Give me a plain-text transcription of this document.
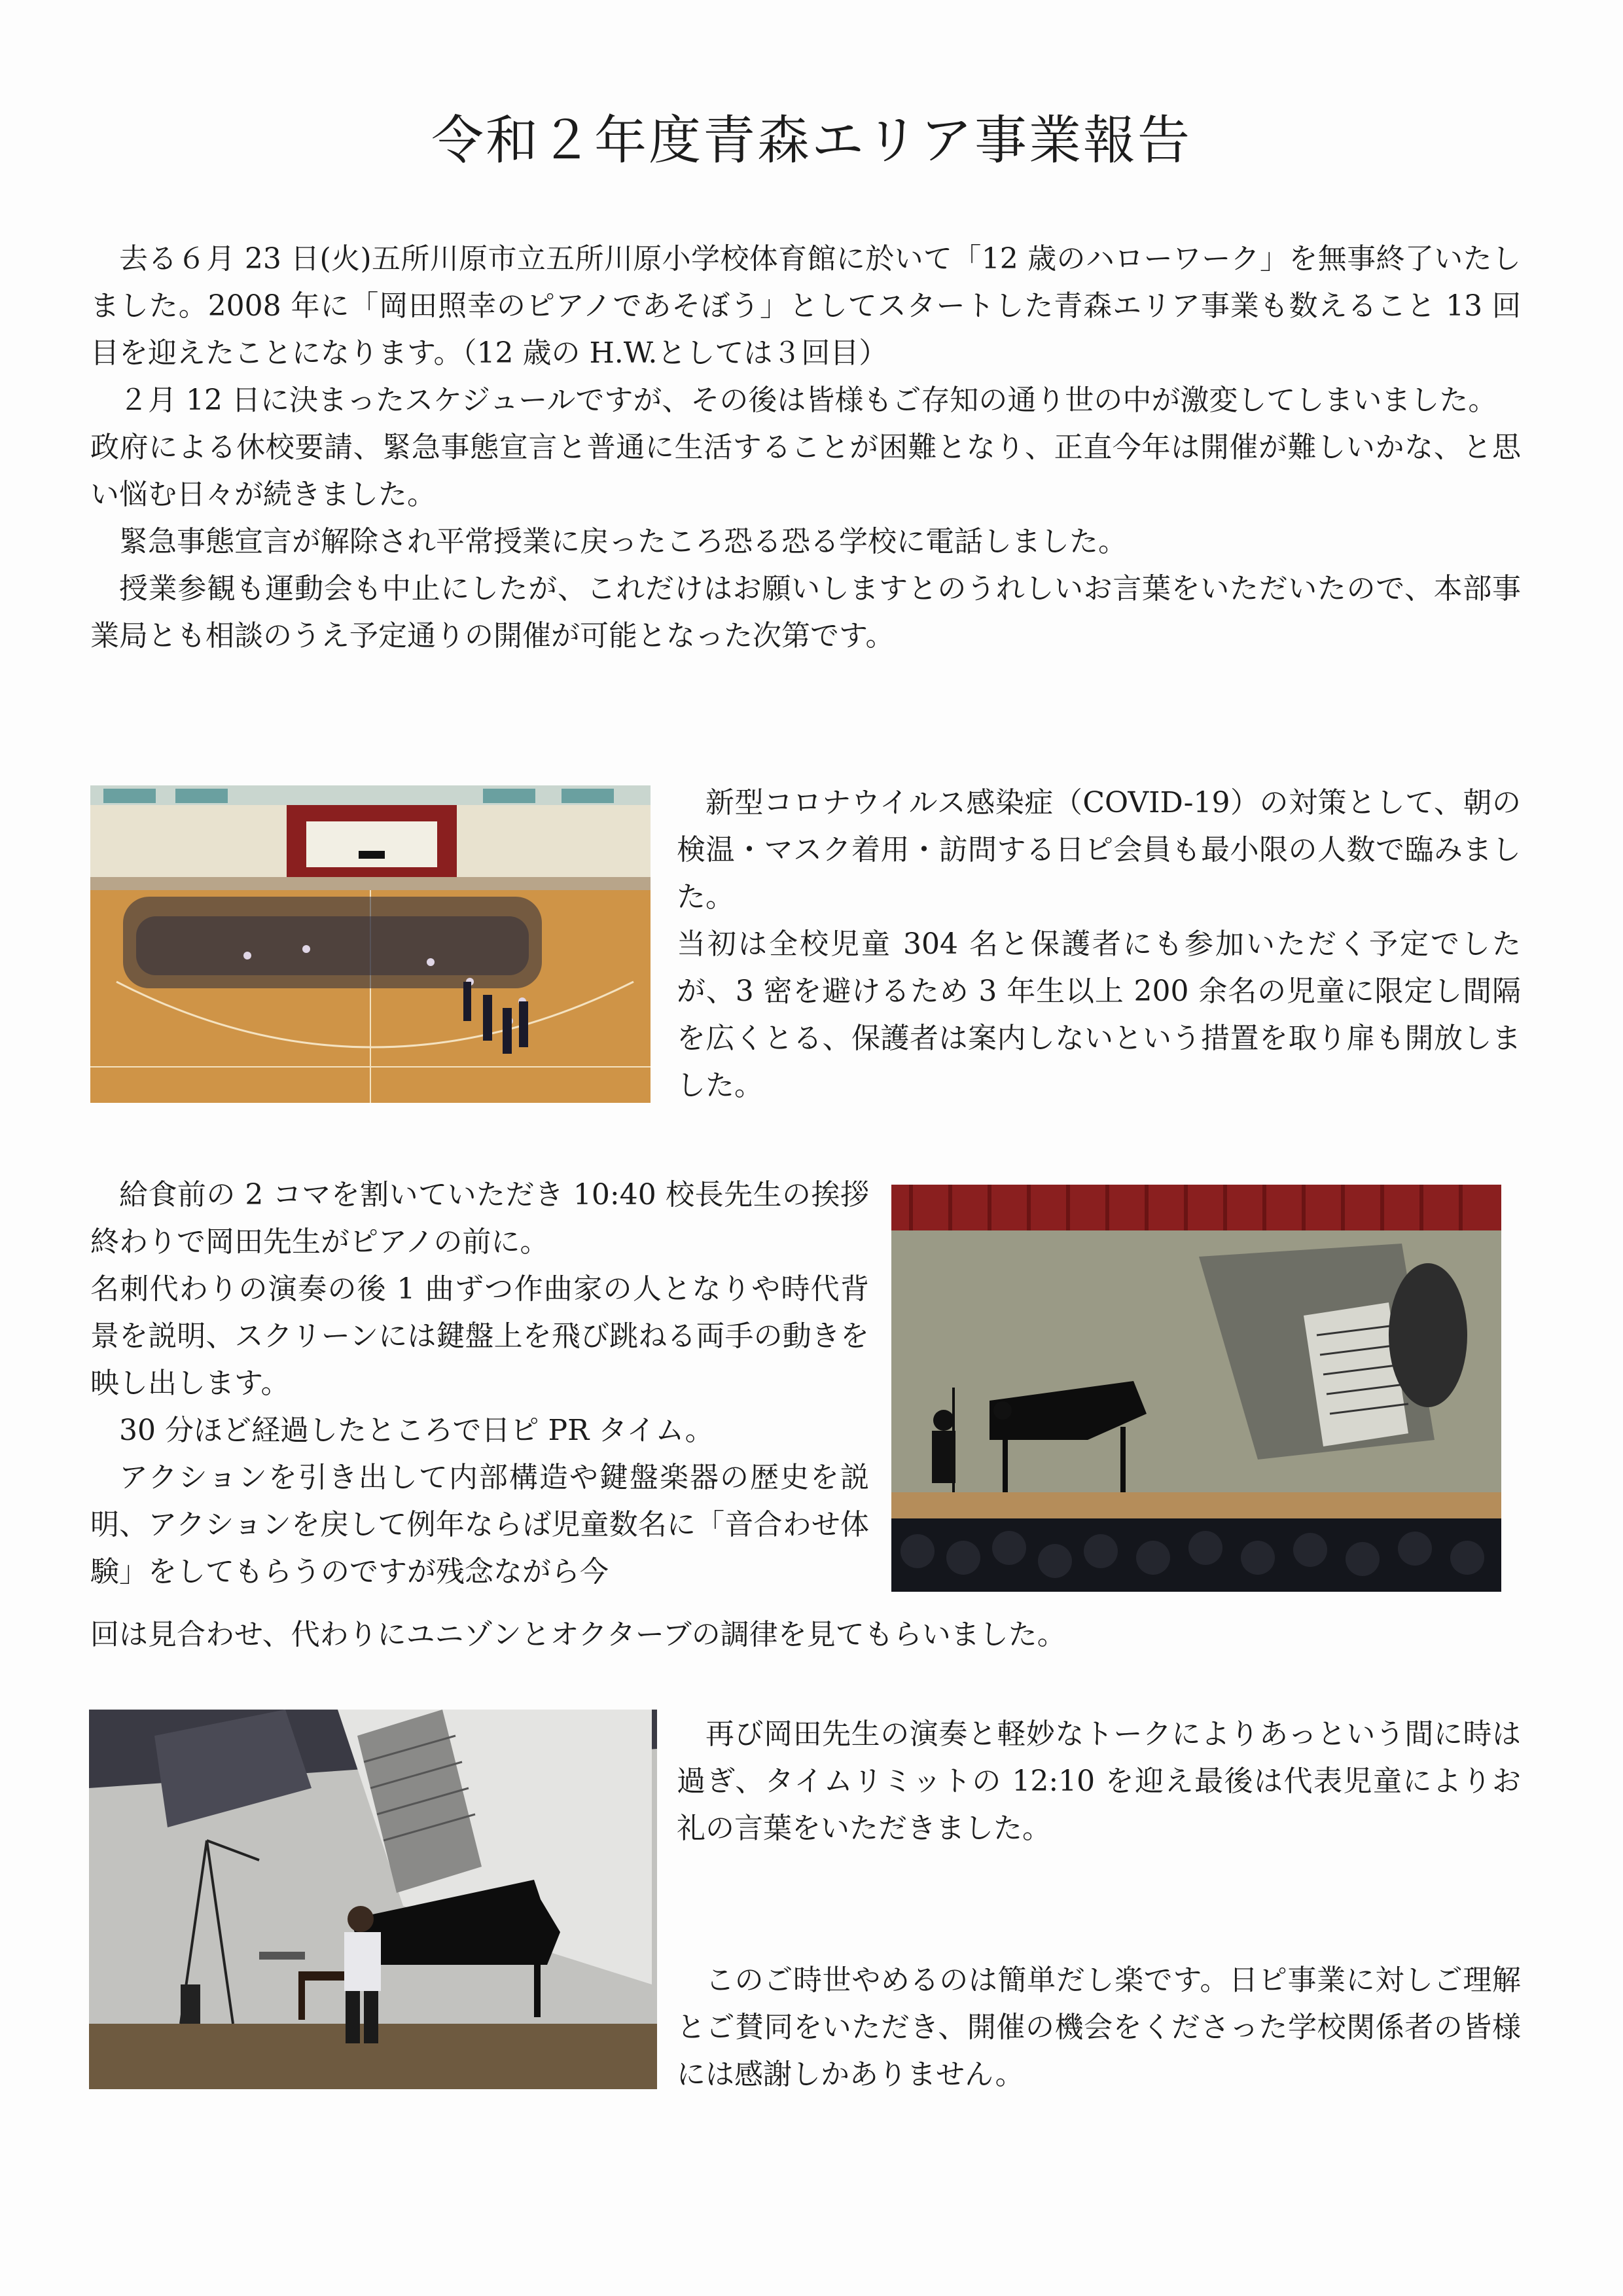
令和２年度青森エリア事業報告

去る６月 23 日(火)五所川原市立五所川原小学校体育館に於いて「12 歳のハローワーク」を無事終了いたしました。2008 年に「岡田照幸のピアノであそぼう」としてスタートした青森エリア事業も数えること 13 回目を迎えたことになります。（12 歳の H.W.としては３回目）

２月 12 日に決まったスケジュールですが、その後は皆様もご存知の通り世の中が激変してしまいました。

政府による休校要請、緊急事態宣言と普通に生活することが困難となり、正直今年は開催が難しいかな、と思い悩む日々が続きました。

緊急事態宣言が解除され平常授業に戻ったころ恐る恐る学校に電話しました。

授業参観も運動会も中止にしたが、これだけはお願いしますとのうれしいお言葉をいただいたので、本部事業局とも相談のうえ予定通りの開催が可能となった次第です。

新型コロナウイルス感染症（COVID-19）の対策として、朝の検温・マスク着用・訪問する日ピ会員も最小限の人数で臨みました。

当初は全校児童 304 名と保護者にも参加いただく予定でしたが、3 密を避けるため 3 年生以上 200 余名の児童に限定し間隔を広くとる、保護者は案内しないという措置を取り扉も開放しました。

給食前の 2 コマを割いていただき 10:40 校長先生の挨拶終わりで岡田先生がピアノの前に。

名刺代わりの演奏の後 1 曲ずつ作曲家の人となりや時代背景を説明、スクリーンには鍵盤上を飛び跳ねる両手の動きを映し出します。

30 分ほど経過したところで日ピ PR タイム。

アクションを引き出して内部構造や鍵盤楽器の歴史を説明、アクションを戻して例年ならば児童数名に「音合わせ体験」をしてもらうのですが残念ながら今

回は見合わせ、代わりにユニゾンとオクターブの調律を見てもらいました。

再び岡田先生の演奏と軽妙なトークによりあっという間に時は過ぎ、タイムリミットの 12:10 を迎え最後は代表児童によりお礼の言葉をいただきました。

このご時世やめるのは簡単だし楽です。日ピ事業に対しご理解とご賛同をいただき、開催の機会をくださった学校関係者の皆様には感謝しかありません。
